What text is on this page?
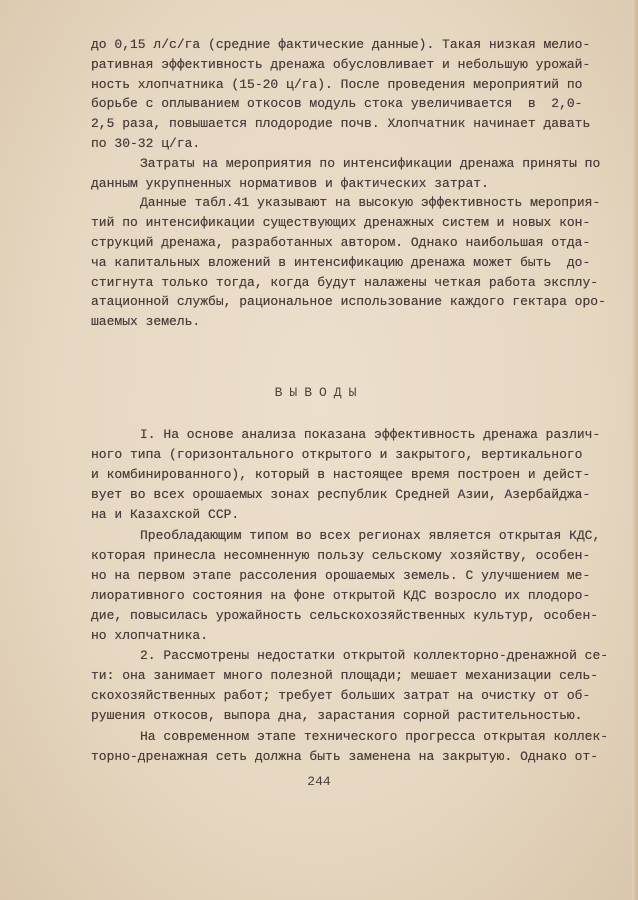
до 0,15 л/с/га (средние фактические данные). Такая низкая мелио-
ративная эффективность дренажа обусловливает и небольшую урожай-
ность хлопчатника (15-20 ц/га). После проведения мероприятий по
борьбе с оплыванием откосов модуль стока увеличивается  в  2,0-
2,5 раза, повышается плодородие почв. Хлопчатник начинает давать
по 30-32 ц/га.
Затраты на мероприятия по интенсификации дренажа приняты по
данным укрупненных нормативов и фактических затрат.
Данные табл.41 указывают на высокую эффективность мероприя-
тий по интенсификации существующих дренажных систем и новых кон-
струкций дренажа, разработанных автором. Однако наибольшая отда-
ча капитальных вложений в интенсификацию дренажа может быть  до-
стигнута только тогда, когда будут налажены четкая работа эксплу-
атационной службы, рациональное использование каждого гектара оро-
шаемых земель.
ВЫВОДЫ
I. На основе анализа показана эффективность дренажа различ-
ного типа (горизонтального открытого и закрытого, вертикального
и комбинированного), который в настоящее время построен и дейст-
вует во всех орошаемых зонах республик Средней Азии, Азербайджа-
на и Казахской ССР.
Преобладающим типом во всех регионах является открытая КДС,
которая принесла несомненную пользу сельскому хозяйству, особен-
но на первом этапе рассоления орошаемых земель. С улучшением ме-
лиоративного состояния на фоне открытой КДС возросло их плодоро-
дие, повысилась урожайность сельскохозяйственных культур, особен-
но хлопчатника.
2. Рассмотрены недостатки открытой коллекторно-дренажной се-
ти: она занимает много полезной площади; мешает механизации сель-
скохозяйственных работ; требует больших затрат на очистку от об-
рушения откосов, выпора дна, зарастания сорной растительностью.
На современном этапе технического прогресса открытая коллек-
торно-дренажная сеть должна быть заменена на закрытую. Однако от-
244
